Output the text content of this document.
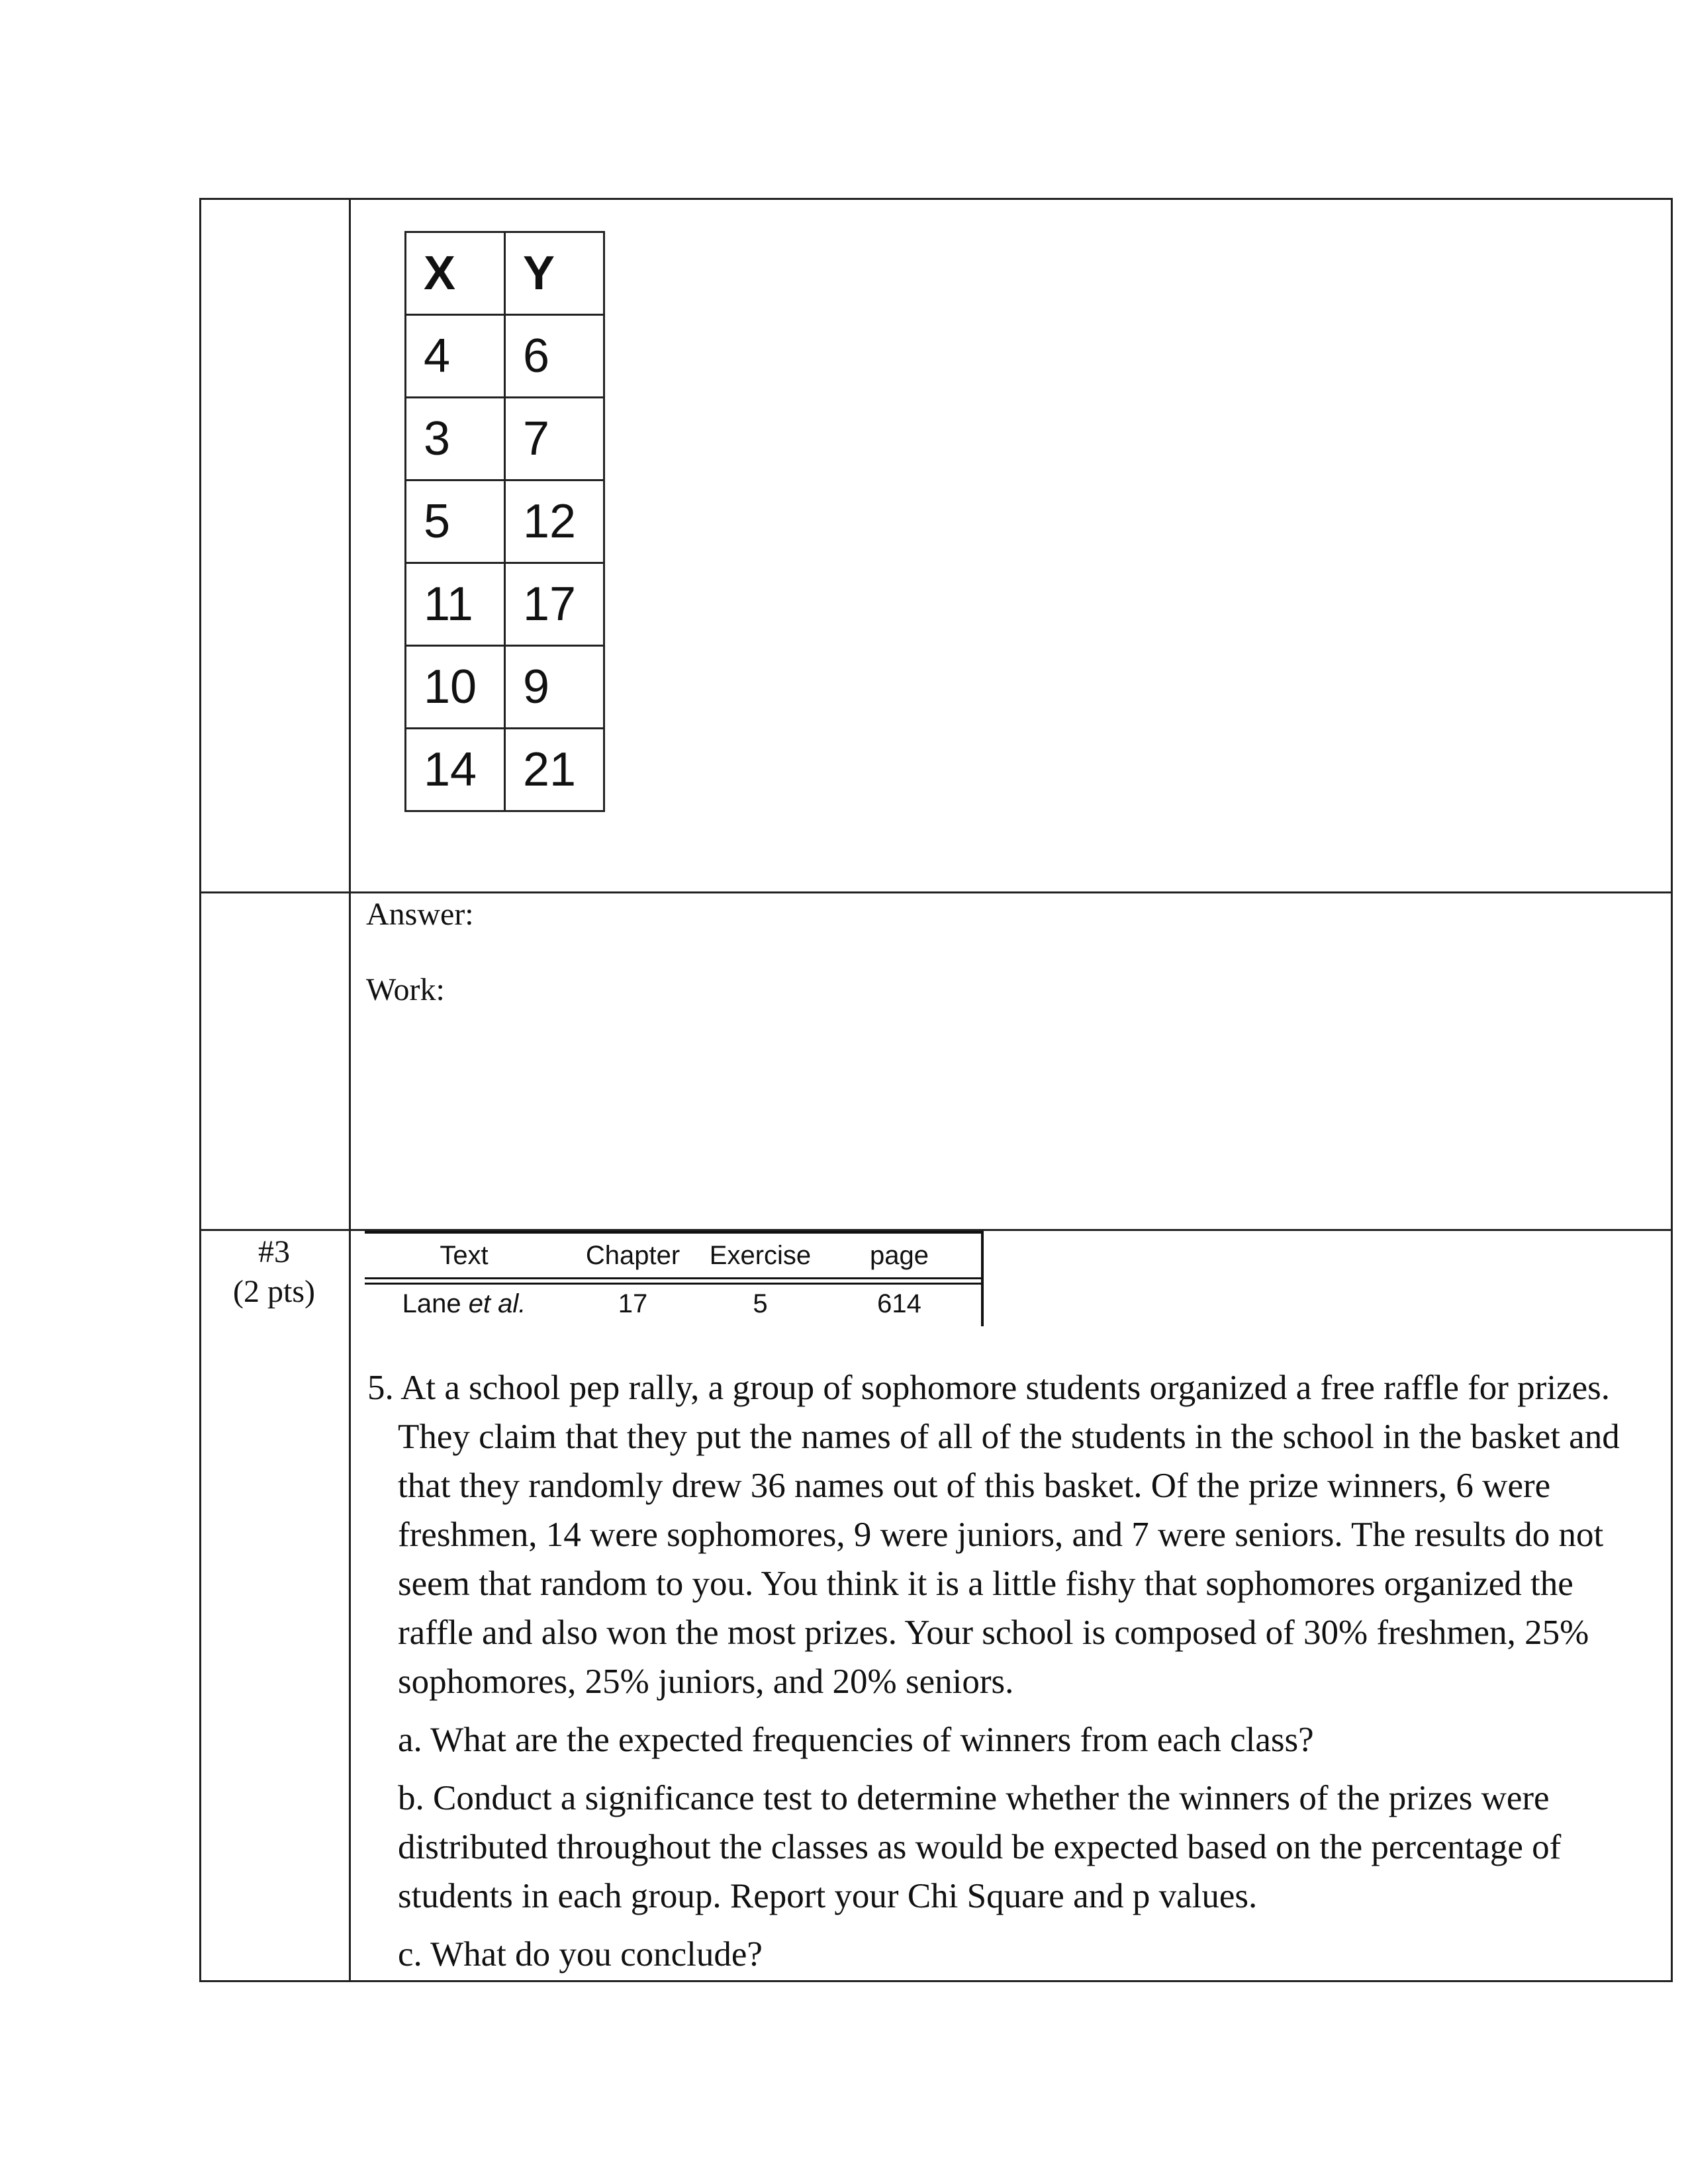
X	Y
4	6
3	7
5	12
11	17
10	9
14	21
Answer:
Work:
#3
(2 pts)
Text	Chapter	Exercise	page
Lane et al.	17	5	614

5. At a school pep rally, a group of sophomore students organized a free raffle for prizes. They claim that they put the names of all of the students in the school in the basket and that they randomly drew 36 names out of this basket. Of the prize winners, 6 were freshmen, 14 were sophomores, 9 were juniors, and 7 were seniors. The results do not seem that random to you. You think it is a little fishy that sophomores organized the raffle and also won the most prizes. Your school is composed of 30% freshmen, 25% sophomores, 25% juniors, and 20% seniors.

a. What are the expected frequencies of winners from each class?

b. Conduct a significance test to determine whether the winners of the prizes were distributed throughout the classes as would be expected based on the percentage of students in each group. Report your Chi Square and p values.

c. What do you conclude?
